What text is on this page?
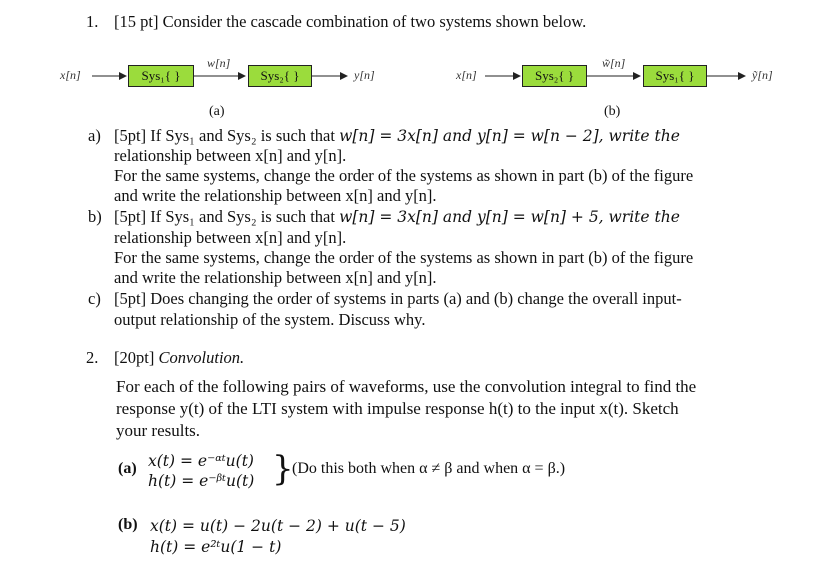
1. [15 pt] Consider the cascade combination of two systems shown below.
x[n]	Sys₁{ }
w[n]
Sys₂{ }	y[n]
(a)
x[n]	Sys₂{ }
w̃[n]
Sys₁{ }	ỹ[n]
(b)
a) [5pt] If Sys₁ and Sys₂ is such that w[n] = 3x[n] and y[n] = w[n − 2], write the
relationship between x[n] and y[n].
For the same systems, change the order of the systems as shown in part (b) of the figure
and write the relationship between x[n] and y[n].
b) [5pt] If Sys₁ and Sys₂ is such that w[n] = 3x[n] and y[n] = w[n] + 5, write the
relationship between x[n] and y[n].
For the same systems, change the order of the systems as shown in part (b) of the figure
and write the relationship between x[n] and y[n].
c) [5pt] Does changing the order of systems in parts (a) and (b) change the overall input-
output relationship of the system. Discuss why.
2. [20pt] Convolution.
For each of the following pairs of waveforms, use the convolution integral to find the
response y(t) of the LTI system with impulse response h(t) to the input x(t). Sketch
your results.
(a) x(t) = e⁻ᵅᵗu(t)
h(t) = e⁻ᵝᵗu(t) }
(Do this both when α ≠ β and when α = β.)
(b) x(t) = u(t) − 2u(t − 2) + u(t − 5)
h(t) = e²ᵗu(1 − t)
